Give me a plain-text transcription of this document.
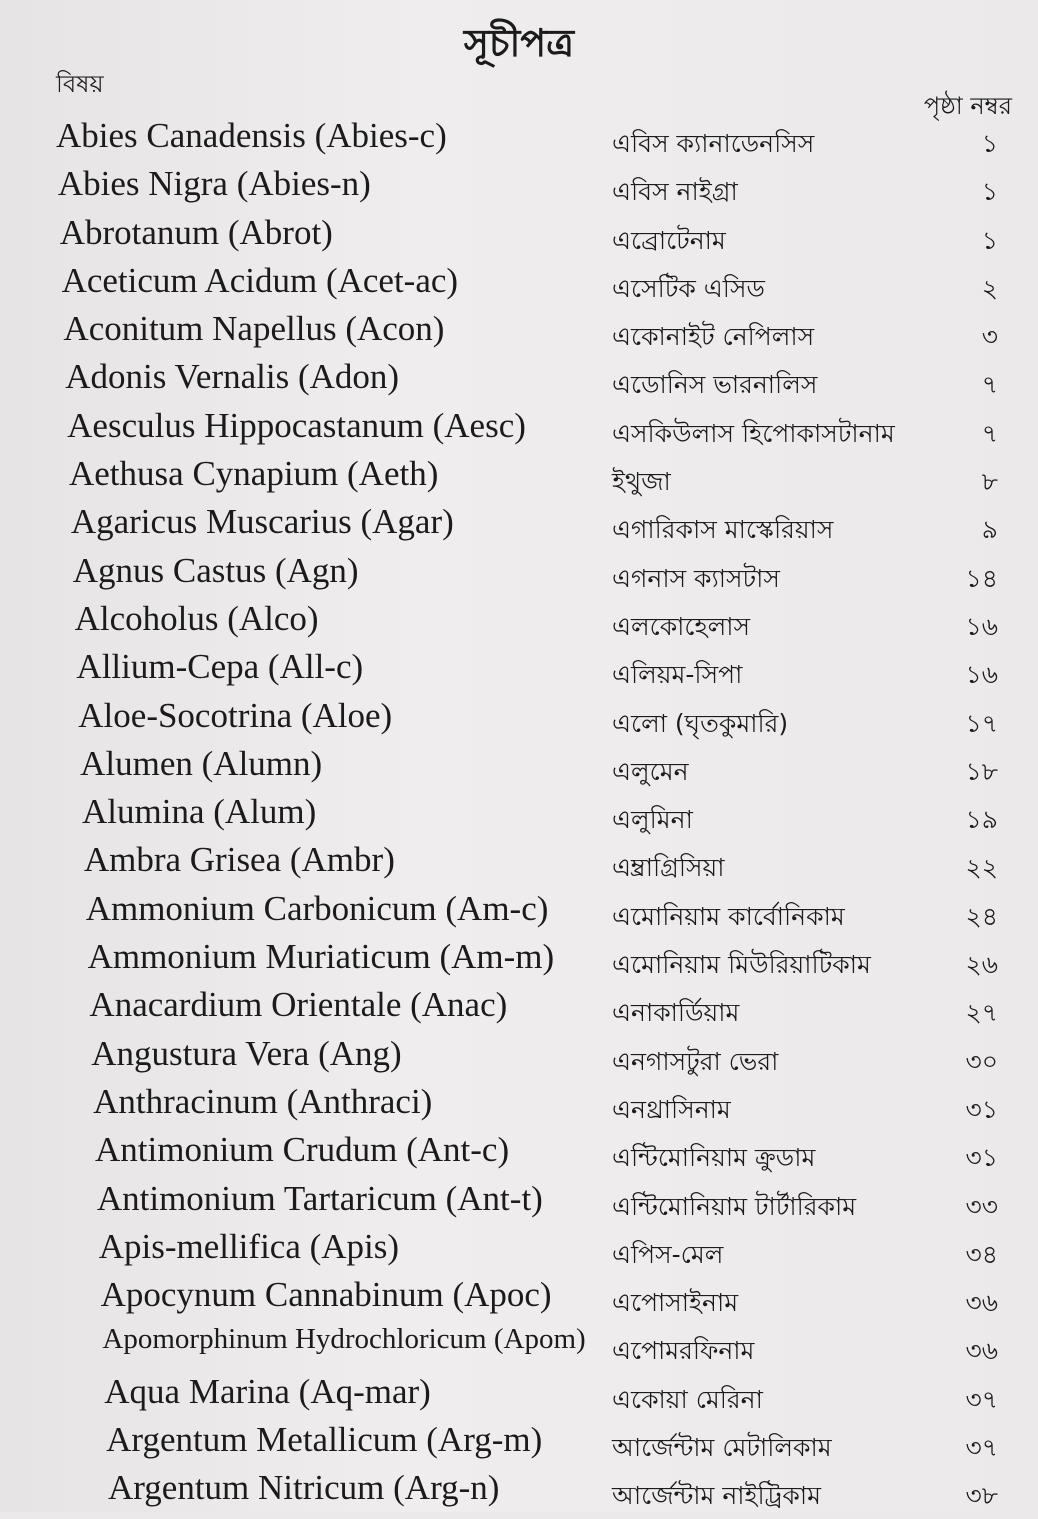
সূচীপত্র
বিষয়
পৃষ্ঠা নম্বর
Abies Canadensis (Abies-c)	এবিস ক্যানাডেনসিস	১
Abies Nigra (Abies-n)	এবিস নাইগ্রা	১
Abrotanum (Abrot)	এব্রোটেনাম	১
Aceticum Acidum (Acet-ac)	এসেটিক এসিড	২
Aconitum Napellus (Acon)	একোনাইট নেপিলাস	৩
Adonis Vernalis (Adon)	এডোনিস ভারনালিস	৭
Aesculus Hippocastanum (Aesc)	এসকিউলাস হিপোকাসটানাম	৭
Aethusa Cynapium (Aeth)	ইথুজা	৮
Agaricus Muscarius (Agar)	এগারিকাস মাস্কেরিয়াস	৯
Agnus Castus (Agn)	এগনাস ক্যাসটাস	১৪
Alcoholus (Alco)	এলকোহেলাস	১৬
Allium-Cepa (All-c)	এলিয়ম-সিপা	১৬
Aloe-Socotrina (Aloe)	এলো (ঘৃতকুমারি)	১৭
Alumen (Alumn)	এলুমেন	১৮
Alumina (Alum)	এলুমিনা	১৯
Ambra Grisea (Ambr)	এম্ব্রাগ্রিসিয়া	২২
Ammonium Carbonicum (Am-c)	এমোনিয়াম কার্বোনিকাম	২৪
Ammonium Muriaticum (Am-m) এমোনিয়াম মিউরিয়াটিকাম	২৬
Anacardium Orientale (Anac)	এনাকার্ডিয়াম	২৭
Angustura Vera (Ang)	এনগাসটুরা ভেরা	৩০
Anthracinum (Anthraci)	এনথ্রাসিনাম	৩১
Antimonium Crudum (Ant-c)	এন্টিমোনিয়াম ক্রুডাম	৩১
Antimonium Tartaricum (Ant-t)	এন্টিমোনিয়াম টার্টারিকাম	৩৩
Apis-mellifica (Apis)	এপিস-মেল	৩৪
Apocynum Cannabinum (Apoc) এপোসাইনাম	৩৬
Apomorphinum Hydrochloricum (Apom) এপোমরফিনাম	৩৬
Aqua Marina (Aq-mar)	একোয়া মেরিনা	৩৭
Argentum Metallicum (Arg-m)	আর্জেন্টাম মেটালিকাম	৩৭
Argentum Nitricum (Arg-n)	আর্জেন্টাম নাইট্রিকাম	৩৮
